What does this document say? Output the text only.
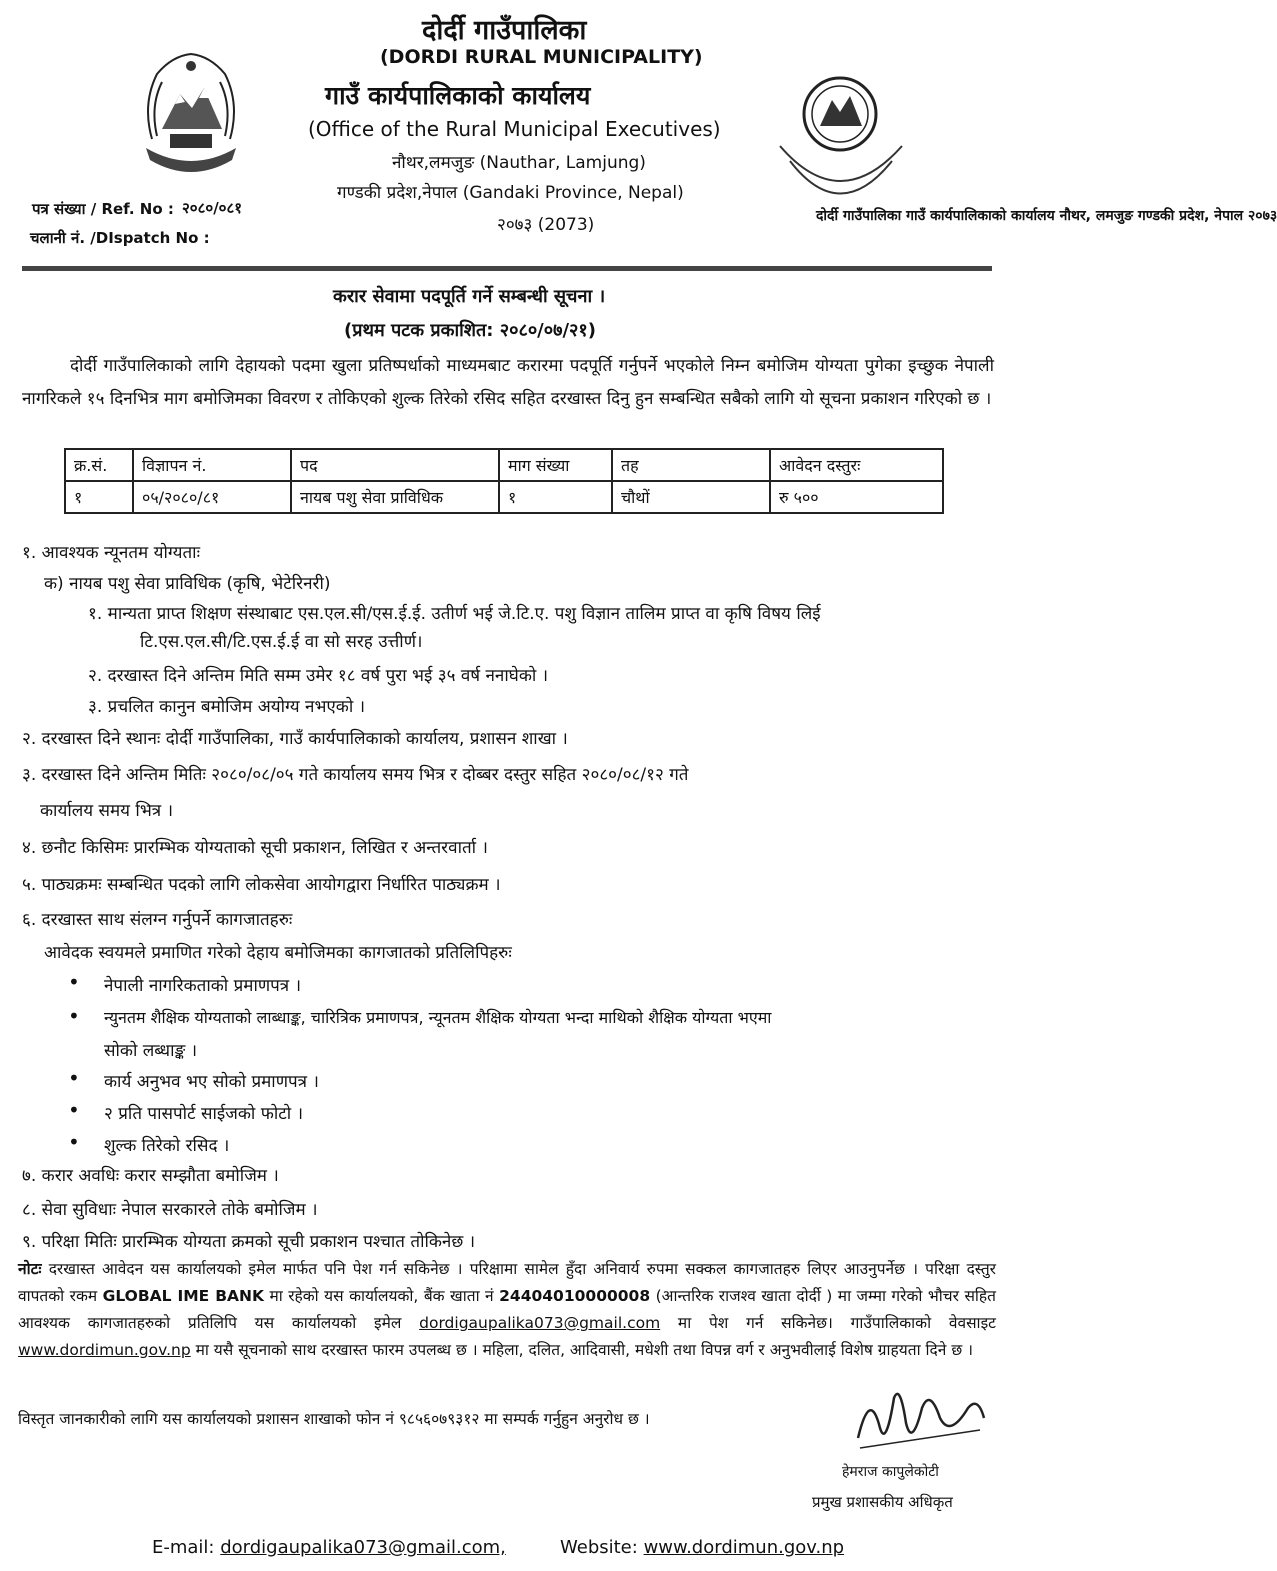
दोर्दी गाउँपालिका
(DORDI RURAL MUNICIPALITY)
गाउँ कार्यपालिकाको कार्यालय
(Office of the Rural Municipal Executives)
नौथर,लमजुङ (Nauthar, Lamjung)
गण्डकी प्रदेश,नेपाल (Gandaki Province, Nepal)
२०७३ (2073)	दोर्दी गाउँपालिका गाउँ कार्यपालिकाको कार्यालय नौथर, लमजुङ गण्डकी प्रदेश, नेपाल २०७३
पत्र संख्या / Ref. No : २०८०/०८१
चलानी नं. /DIspatch No :
करार सेवामा पदपूर्ति गर्ने सम्बन्धी सूचना ।
(प्रथम पटक प्रकाशित: २०८०/०७/२१)
दोर्दी गाउँपालिकाको लागि देहायको पदमा खुला प्रतिष्पर्धाको माध्यमबाट करारमा पदपूर्ति गर्नुपर्ने भएकोले निम्न बमोजिम योग्यता पुगेका इच्छुक नेपाली नागरिकले १५ दिनभित्र माग बमोजिमका विवरण र तोकिएको शुल्क तिरेको रसिद सहित दरखास्त दिनु हुन सम्बन्धित सबैको लागि यो सूचना प्रकाशन गरिएको छ ।
क्र.सं.	विज्ञापन नं.	पद	माग संख्या	तह	आवेदन दस्तुरः
१	०५/२०८०/८१	नायब पशु सेवा प्राविधिक	१	चौथों	रु ५००
१. आवश्यक न्यूनतम योग्यताः
क) नायब पशु सेवा प्राविधिक (कृषि, भेटेरिनरी)
१. मान्यता प्राप्त शिक्षण संस्थाबाट एस.एल.सी/एस.ई.ई. उतीर्ण भई जे.टि.ए. पशु विज्ञान तालिम प्राप्त वा कृषि विषय लिई
टि.एस.एल.सी/टि.एस.ई.ई वा सो सरह उत्तीर्ण।
२. दरखास्त दिने अन्तिम मिति सम्म उमेर १८ वर्ष पुरा भई ३५ वर्ष ननाघेको ।
३. प्रचलित कानुन बमोजिम अयोग्य नभएको ।
२. दरखास्त दिने स्थानः दोर्दी गाउँपालिका, गाउँ कार्यपालिकाको कार्यालय, प्रशासन शाखा ।
३. दरखास्त दिने अन्तिम मितिः २०८०/०८/०५ गते कार्यालय समय भित्र र दोब्बर दस्तुर सहित २०८०/०८/१२ गते
कार्यालय समय भित्र ।
४. छनौट किसिमः प्रारम्भिक योग्यताको सूची प्रकाशन, लिखित र अन्तरवार्ता ।
५. पाठ्यक्रमः सम्बन्धित पदको लागि लोकसेवा आयोगद्वारा निर्धारित पाठ्यक्रम ।
६. दरखास्त साथ संलग्न गर्नुपर्ने कागजातहरुः
आवेदक स्वयमले प्रमाणित गरेको देहाय बमोजिमका कागजातको प्रतिलिपिहरुः
• नेपाली नागरिकताको प्रमाणपत्र ।
• न्युनतम शैक्षिक योग्यताको लाब्धाङ्क, चारित्रिक प्रमाणपत्र, न्यूनतम शैक्षिक योग्यता भन्दा माथिको शैक्षिक योग्यता भएमा
सोको लब्धाङ्क ।
• कार्य अनुभव भए सोको प्रमाणपत्र ।
• २ प्रति पासपोर्ट साईजको फोटो ।
• शुल्क तिरेको रसिद ।
७. करार अवधिः करार सम्झौता बमोजिम ।
८. सेवा सुविधाः नेपाल सरकारले तोके बमोजिम ।
९. परिक्षा मितिः प्रारम्भिक योग्यता क्रमको सूची प्रकाशन पश्चात तोकिनेछ ।
नोटः दरखास्त आवेदन यस कार्यालयको इमेल मार्फत पनि पेश गर्न सकिनेछ । परिक्षामा सामेल हुँदा अनिवार्य रुपमा सक्कल कागजातहरु लिएर आउनुपर्नेछ । परिक्षा दस्तुर वापतको रकम GLOBAL IME BANK मा रहेको यस कार्यालयको, बैंक खाता नं 24404010000008 (आन्तरिक राजश्व खाता दोर्दी ) मा जम्मा गरेको भौचर सहित आवश्यक कागजातहरुको प्रतिलिपि यस कार्यालयको इमेल dordigaupalika073@gmail.com मा पेश गर्न सकिनेछ। गाउँपालिकाको वेवसाइट www.dordimun.gov.np मा यसै सूचनाको साथ दरखास्त फारम उपलब्ध छ । महिला, दलित, आदिवासी, मधेशी तथा विपन्न वर्ग र अनुभवीलाई विशेष ग्राहयता दिने छ ।
विस्तृत जानकारीको लागि यस कार्यालयको प्रशासन शाखाको फोन नं ९८५६०७९३१२ मा सम्पर्क गर्नुहुन अनुरोध छ ।
हेमराज कापुलेकोटी
प्रमुख प्रशासकीय अधिकृत
E-mail: dordigaupalika073@gmail.com,	Website: www.dordimun.gov.np
